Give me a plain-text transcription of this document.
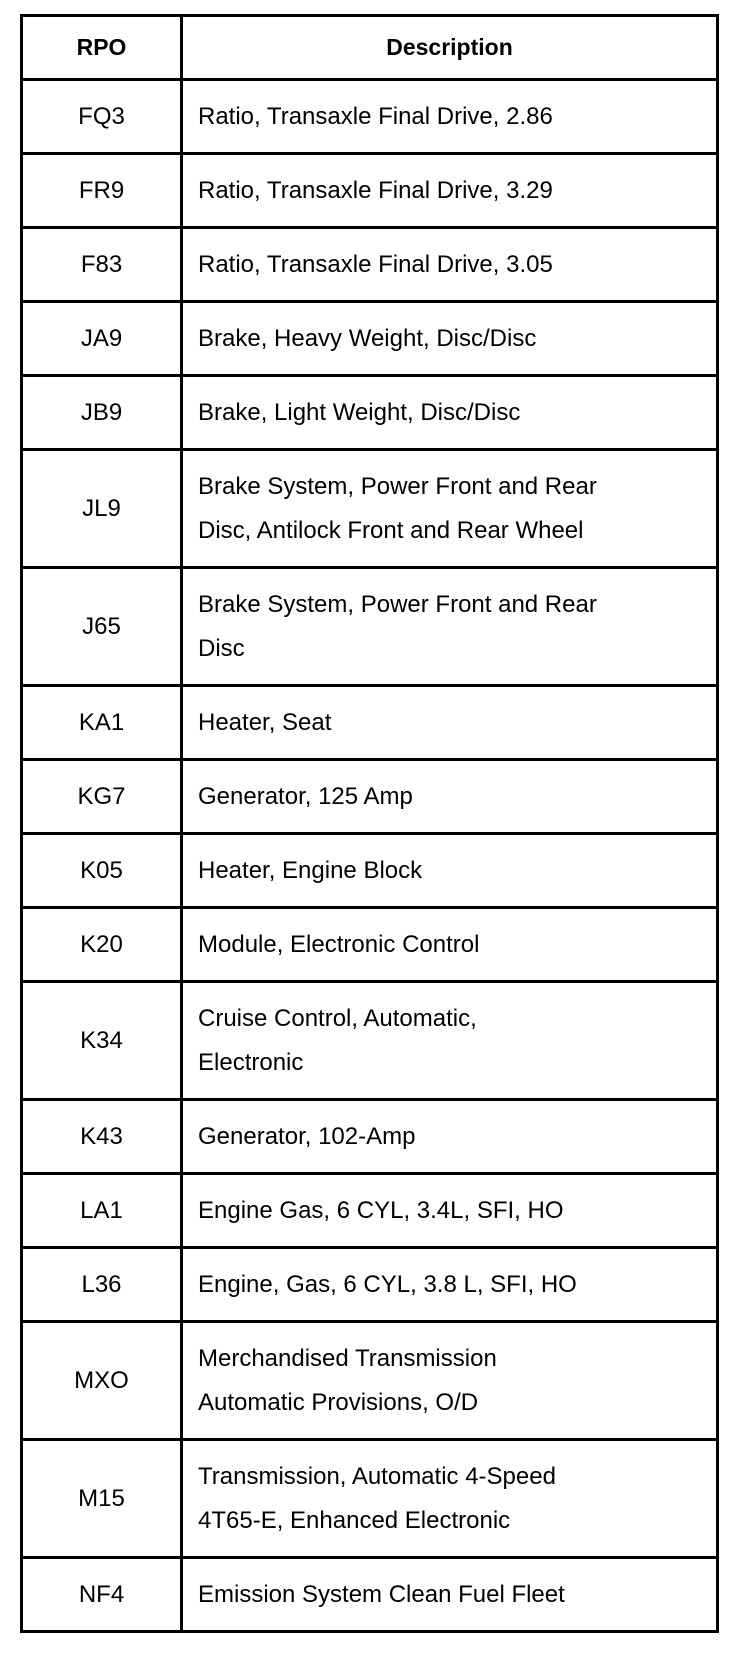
RPO	Description
FQ3	Ratio, Transaxle Final Drive, 2.86

FR9	Ratio, Transaxle Final Drive, 3.29

F83	Ratio, Transaxle Final Drive, 3.05

JA9	Brake, Heavy Weight, Disc/Disc

JB9	Brake, Light Weight, Disc/Disc

JL9	Brake System, Power Front and Rear
Disc, Antilock Front and Rear Wheel

J65	Brake System, Power Front and Rear
Disc

KA1	Heater, Seat

KG7	Generator, 125 Amp

K05	Heater, Engine Block

K20	Module, Electronic Control

K34	Cruise Control, Automatic,
Electronic

K43	Generator, 102-Amp

LA1	Engine Gas, 6 CYL, 3.4L, SFI, HO

L36	Engine, Gas, 6 CYL, 3.8 L, SFI, HO

MXO	Merchandised Transmission
Automatic Provisions, O/D

M15	Transmission, Automatic 4-Speed
4T65-E, Enhanced Electronic

NF4	Emission System Clean Fuel Fleet
